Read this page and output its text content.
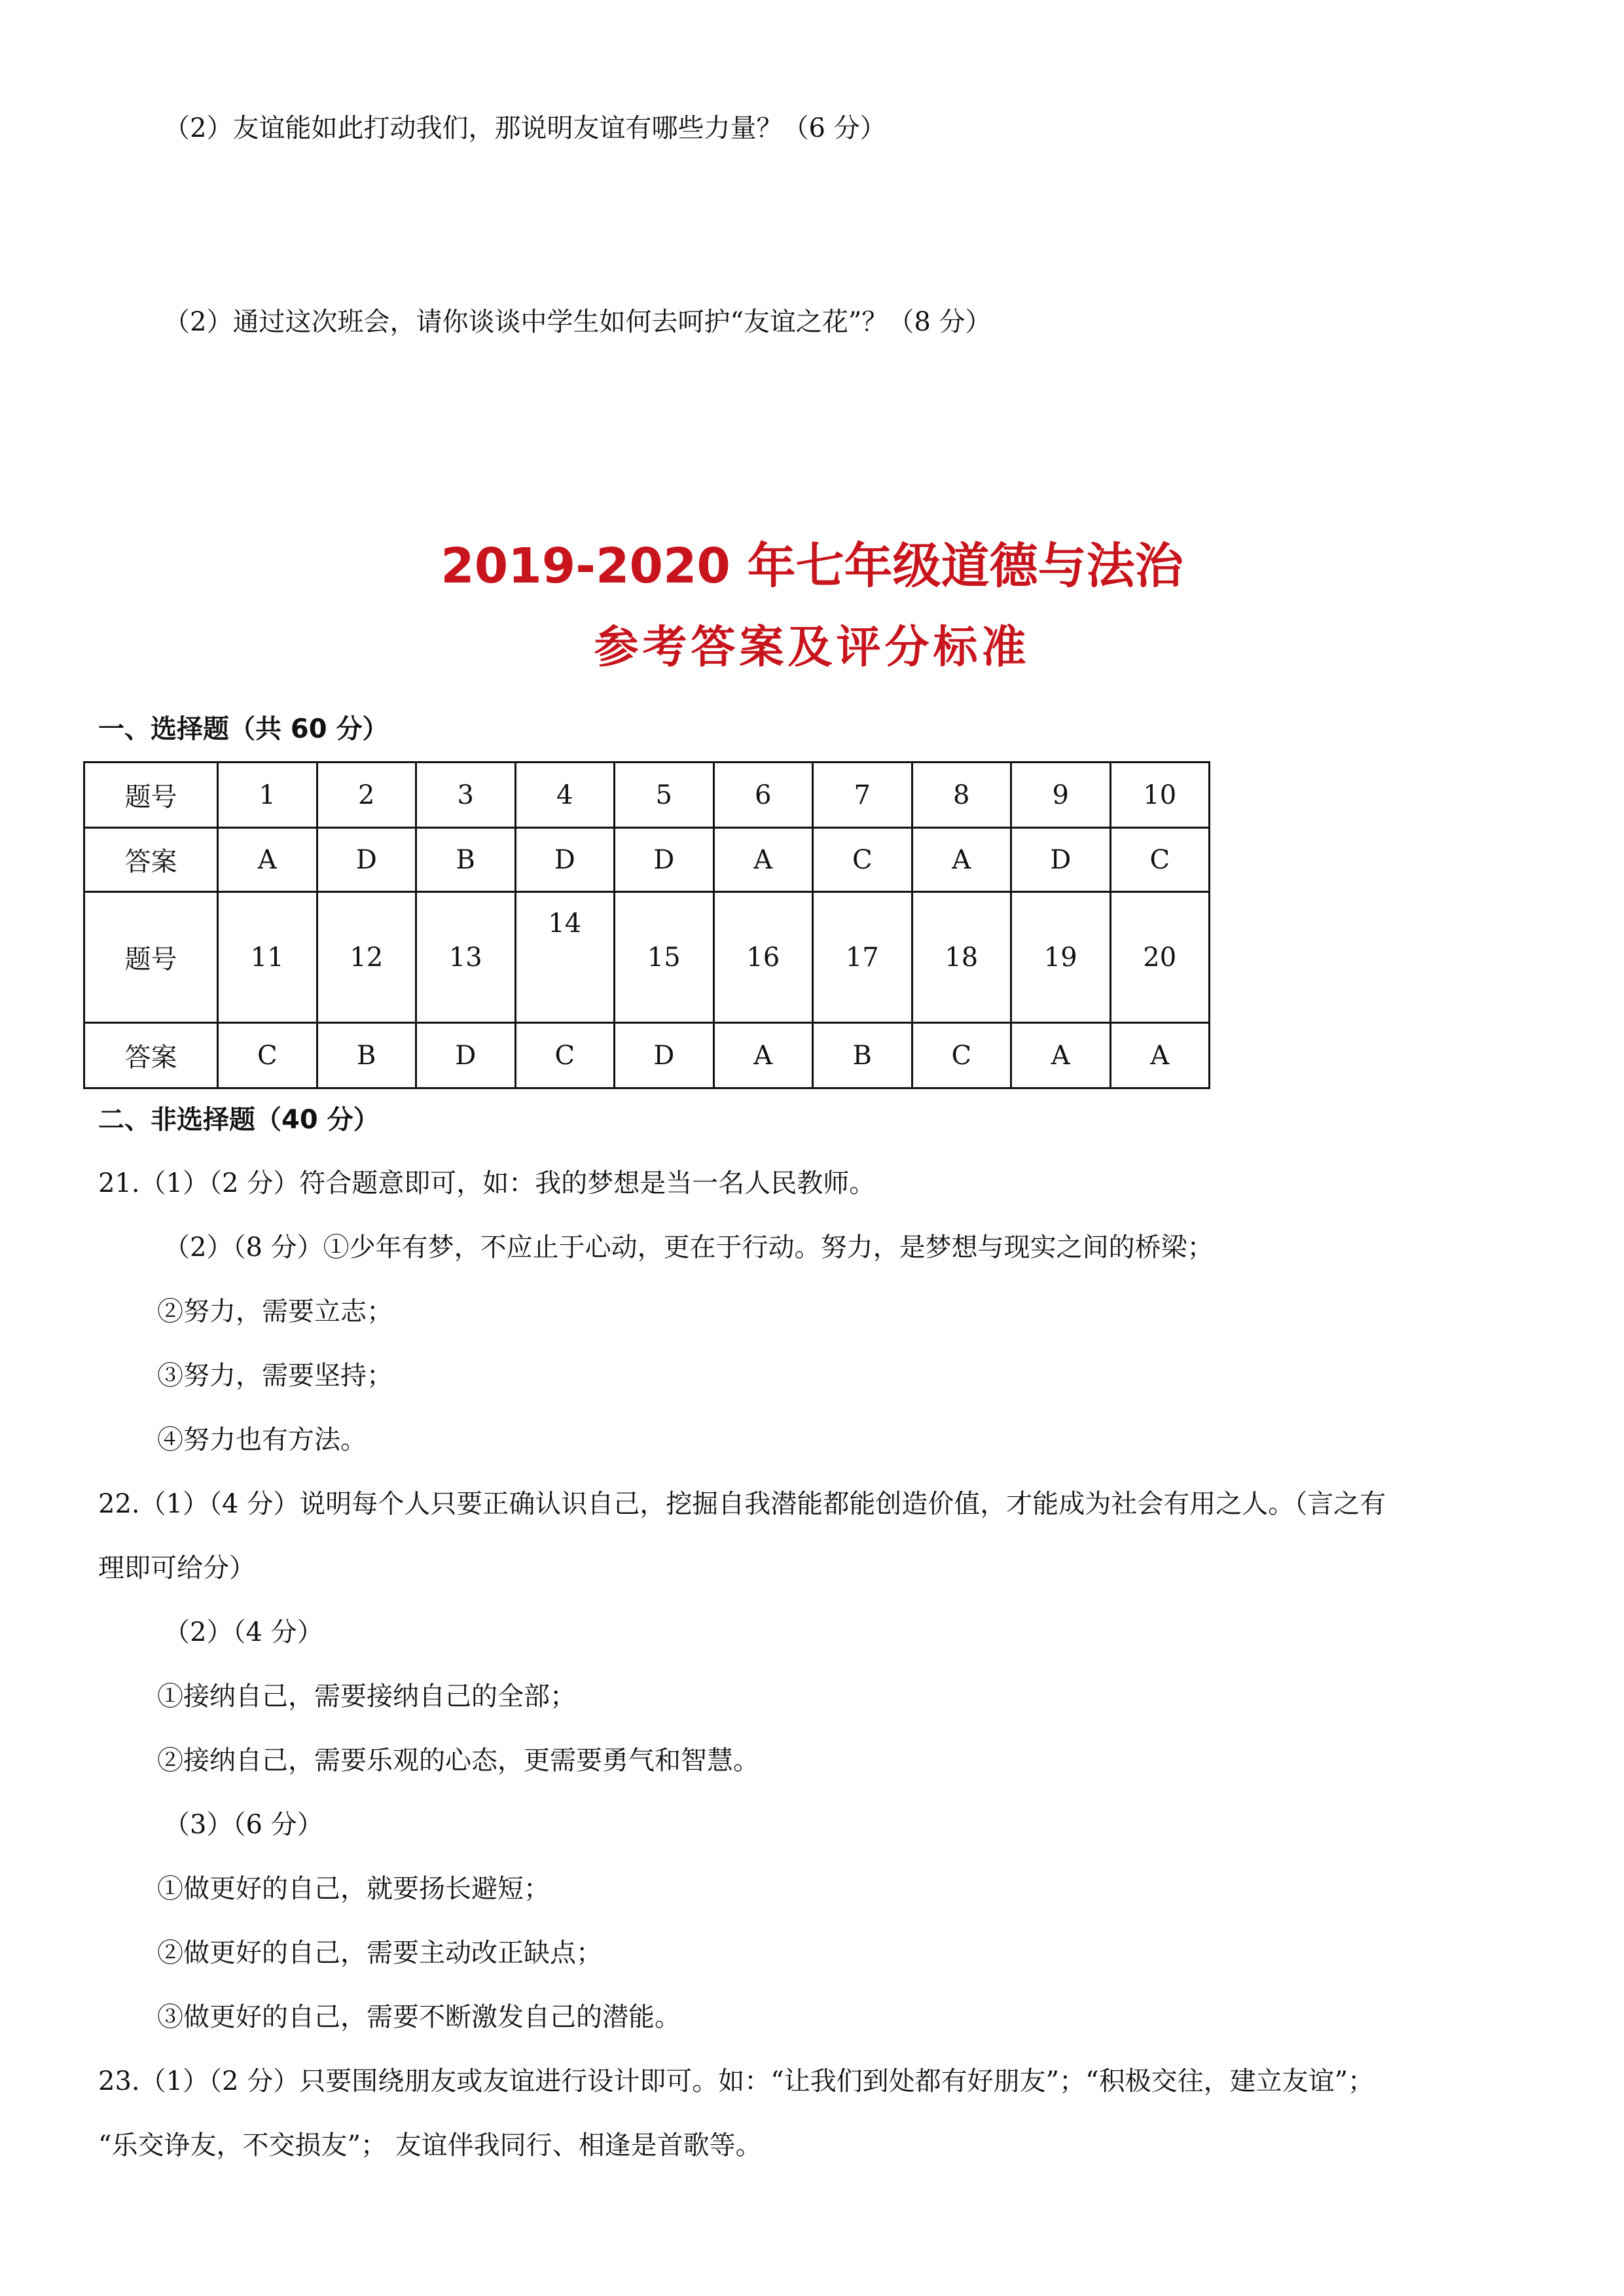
（2）友谊能如此打动我们，那说明友谊有哪些力量？（6 分）
（2）通过这次班会，请你谈谈中学生如何去呵护“友谊之花”？（8 分）
2019-2020 年七年级道德与法治
参考答案及评分标准
一、选择题（共 60 分）
题号	1	2	3	4	5	6	7	8	9	10
答案	A	D	B	D	D	A	C	A	D	C
题号	11	12	13	14	15	16	17	18	19	20
答案	C	B	D	C	D	A	B	C	A	A
二、非选择题（40 分）
21.（1）（2 分）符合题意即可，如：我的梦想是当一名人民教师。
（2）（8 分）①少年有梦，不应止于心动，更在于行动。努力，是梦想与现实之间的桥梁；
②努力，需要立志；
③努力，需要坚持；
④努力也有方法。
22.（1）（4 分）说明每个人只要正确认识自己，挖掘自我潜能都能创造价值，才能成为社会有用之人。（言之有
理即可给分）
（2）（4 分）
①接纳自己，需要接纳自己的全部；
②接纳自己，需要乐观的心态，更需要勇气和智慧。
（3）（6 分）
①做更好的自己，就要扬长避短；
②做更好的自己，需要主动改正缺点；
③做更好的自己，需要不断激发自己的潜能。
23.（1）（2 分）只要围绕朋友或友谊进行设计即可。如：“让我们到处都有好朋友”；“积极交往，建立友谊”；
“乐交诤友，不交损友”； 友谊伴我同行、相逢是首歌等。
